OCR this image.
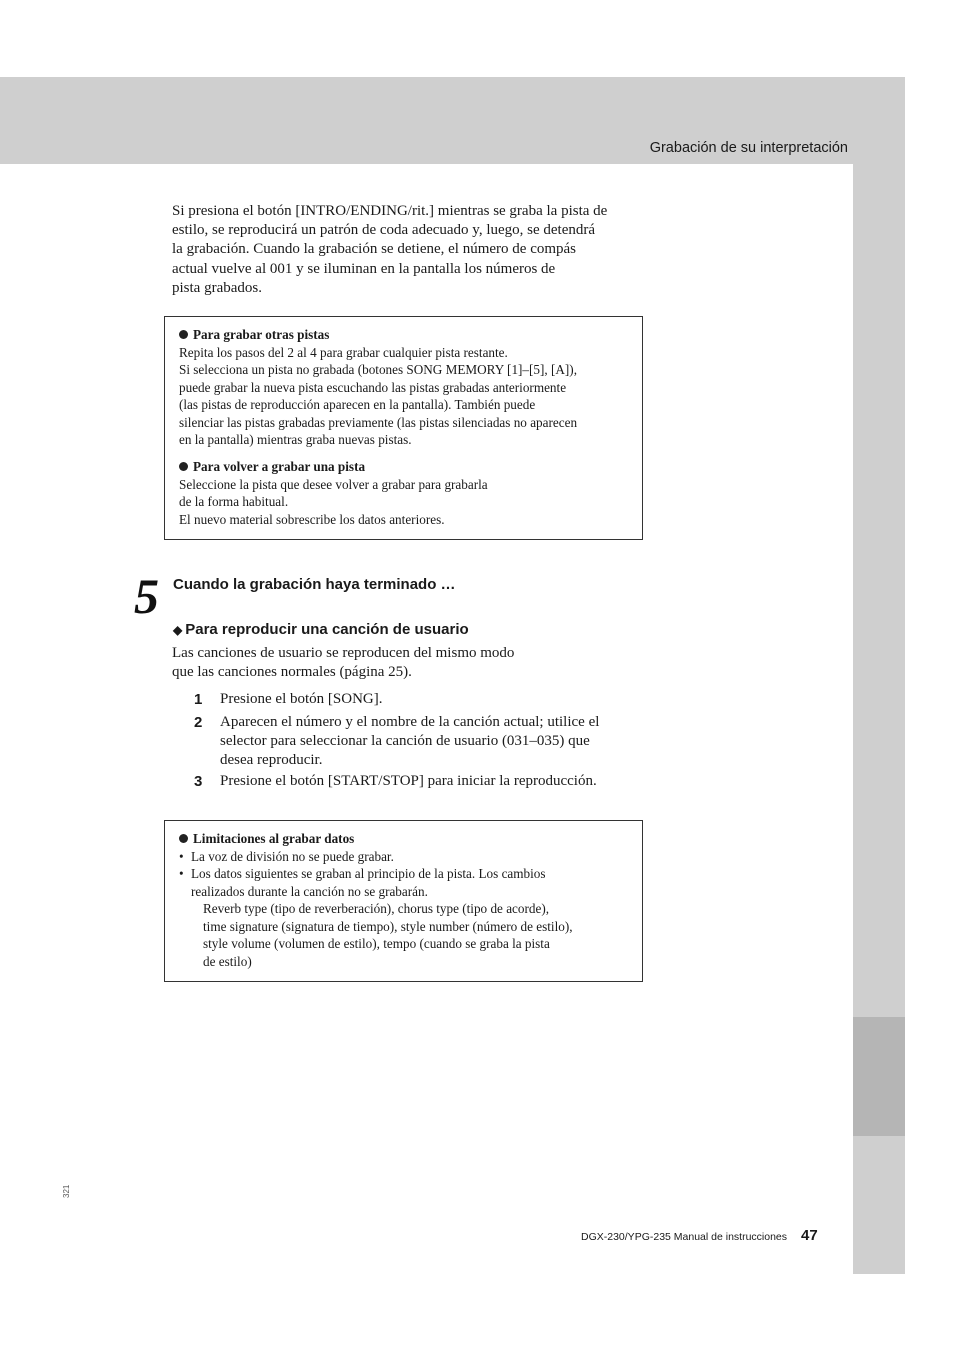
Grabación de su interpretación
Si presiona el botón [INTRO/ENDING/rit.] mientras se graba la pista de
estilo, se reproducirá un patrón de coda adecuado y, luego, se detendrá
la grabación. Cuando la grabación se detiene, el número de compás
actual vuelve al 001 y se iluminan en la pantalla los números de
pista grabados.
Para grabar otras pistas
Repita los pasos del 2 al 4 para grabar cualquier pista restante.
Si selecciona un pista no grabada (botones SONG MEMORY [1]–[5], [A]),
puede grabar la nueva pista escuchando las pistas grabadas anteriormente
(las pistas de reproducción aparecen en la pantalla). También puede
silenciar las pistas grabadas previamente (las pistas silenciadas no aparecen
en la pantalla) mientras graba nuevas pistas.
Para volver a grabar una pista
Seleccione la pista que desee volver a grabar para grabarla
de la forma habitual.
El nuevo material sobrescribe los datos anteriores.
5 Cuando la grabación haya terminado …
◆ Para reproducir una canción de usuario
Las canciones de usuario se reproducen del mismo modo
que las canciones normales (página 25).
1	Presione el botón [SONG].
2	Aparecen el número y el nombre de la canción actual; utilice el
selector para seleccionar la canción de usuario (031–035) que
desea reproducir.
3	Presione el botón [START/STOP] para iniciar la reproducción.
Limitaciones al grabar datos
• La voz de división no se puede grabar.
• Los datos siguientes se graban al principio de la pista. Los cambios
realizados durante la canción no se grabarán.
Reverb type (tipo de reverberación), chorus type (tipo de acorde),
time signature (signatura de tiempo), style number (número de estilo),
style volume (volumen de estilo), tempo (cuando se graba la pista
de estilo)
321
DGX-230/YPG-235 Manual de instrucciones 47
